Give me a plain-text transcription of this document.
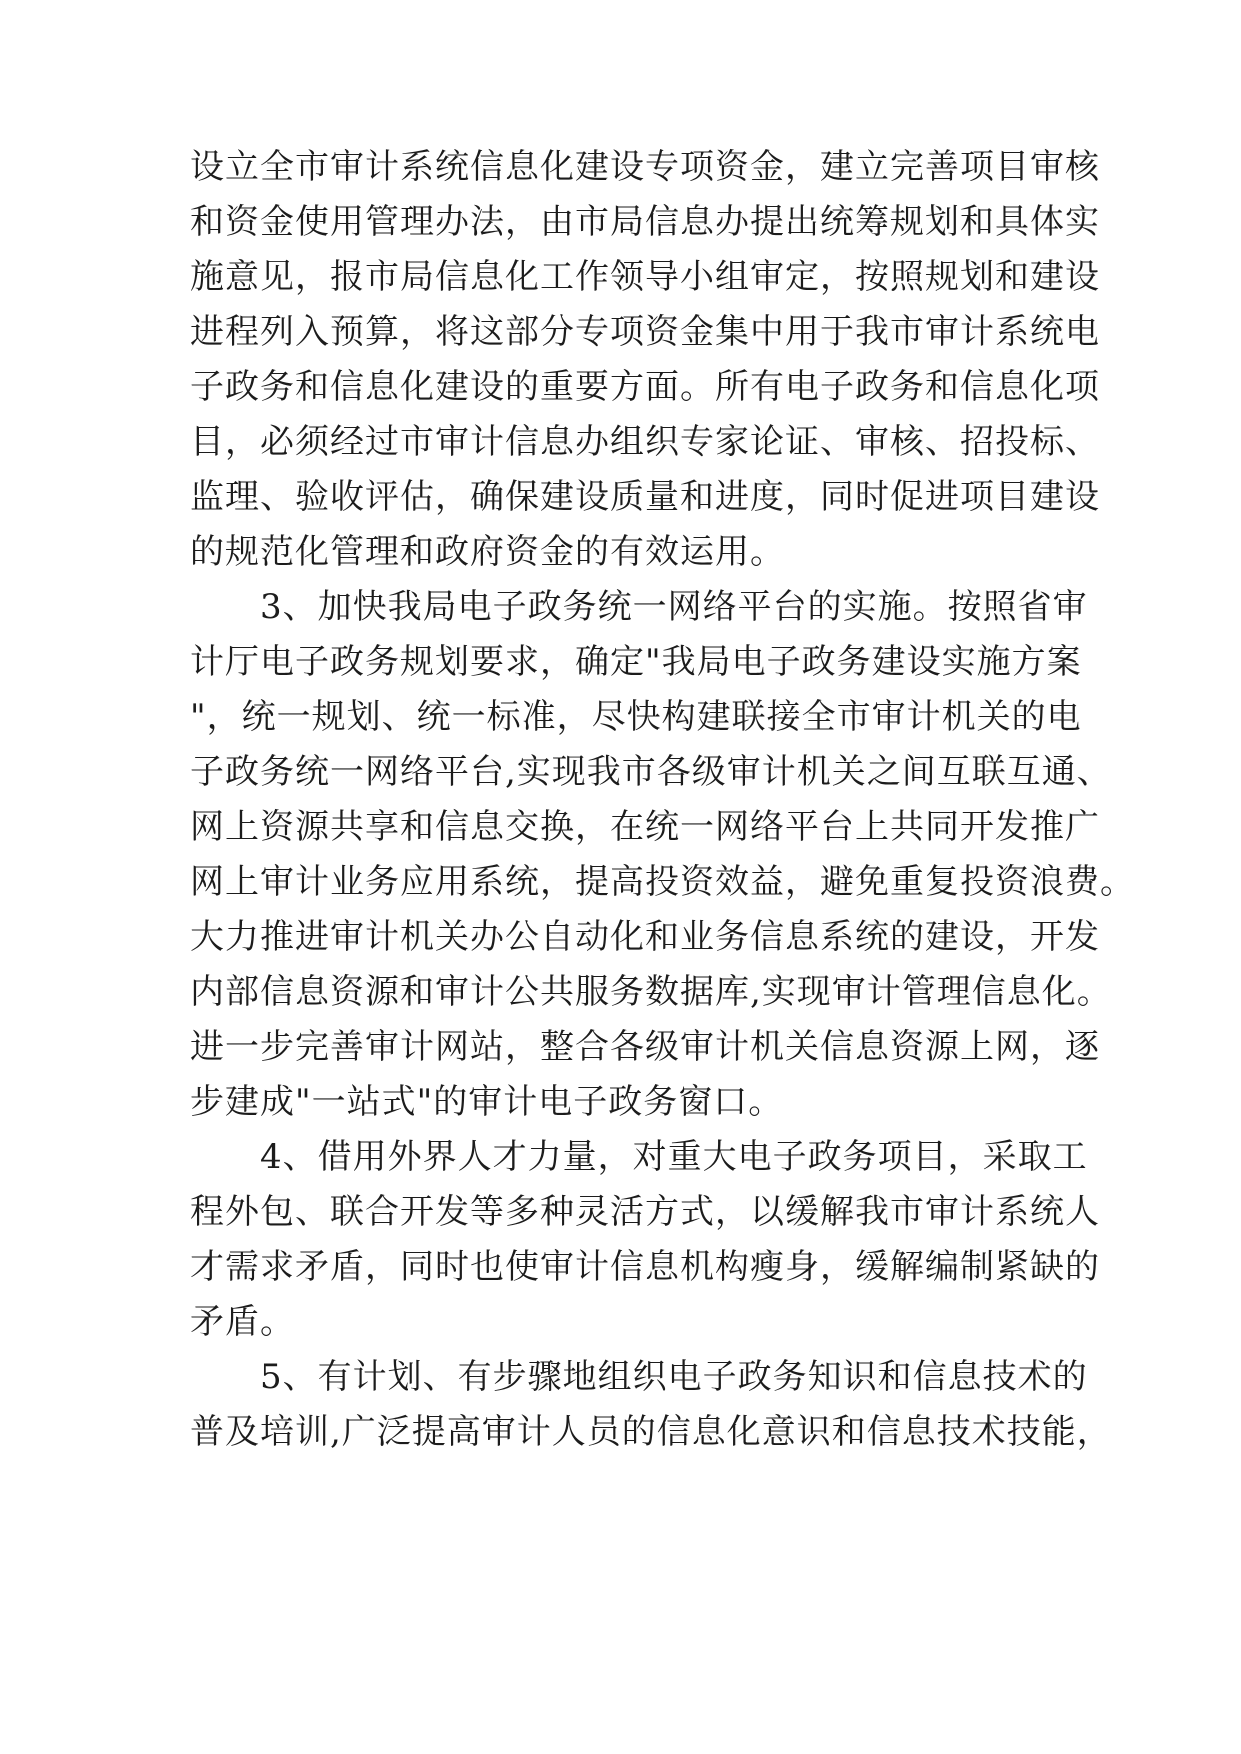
设立全市审计系统信息化建设专项资金，建立完善项目审核
和资金使用管理办法，由市局信息办提出统筹规划和具体实
施意见，报市局信息化工作领导小组审定，按照规划和建设
进程列入预算，将这部分专项资金集中用于我市审计系统电
子政务和信息化建设的重要方面。所有电子政务和信息化项
目，必须经过市审计信息办组织专家论证、审核、招投标、
监理、验收评估，确保建设质量和进度，同时促进项目建设
的规范化管理和政府资金的有效运用。
　　3、加快我局电子政务统一网络平台的实施。按照省审
计厅电子政务规划要求，确定"我局电子政务建设实施方案
"，统一规划、统一标准，尽快构建联接全市审计机关的电
子政务统一网络平台,实现我市各级审计机关之间互联互通、
网上资源共享和信息交换，在统一网络平台上共同开发推广
网上审计业务应用系统，提高投资效益，避免重复投资浪费。
大力推进审计机关办公自动化和业务信息系统的建设，开发
内部信息资源和审计公共服务数据库,实现审计管理信息化。
进一步完善审计网站，整合各级审计机关信息资源上网，逐
步建成"一站式"的审计电子政务窗口。
　　4、借用外界人才力量，对重大电子政务项目，采取工
程外包、联合开发等多种灵活方式，以缓解我市审计系统人
才需求矛盾，同时也使审计信息机构瘦身，缓解编制紧缺的
矛盾。
　　5、有计划、有步骤地组织电子政务知识和信息技术的
普及培训,广泛提高审计人员的信息化意识和信息技术技能，
